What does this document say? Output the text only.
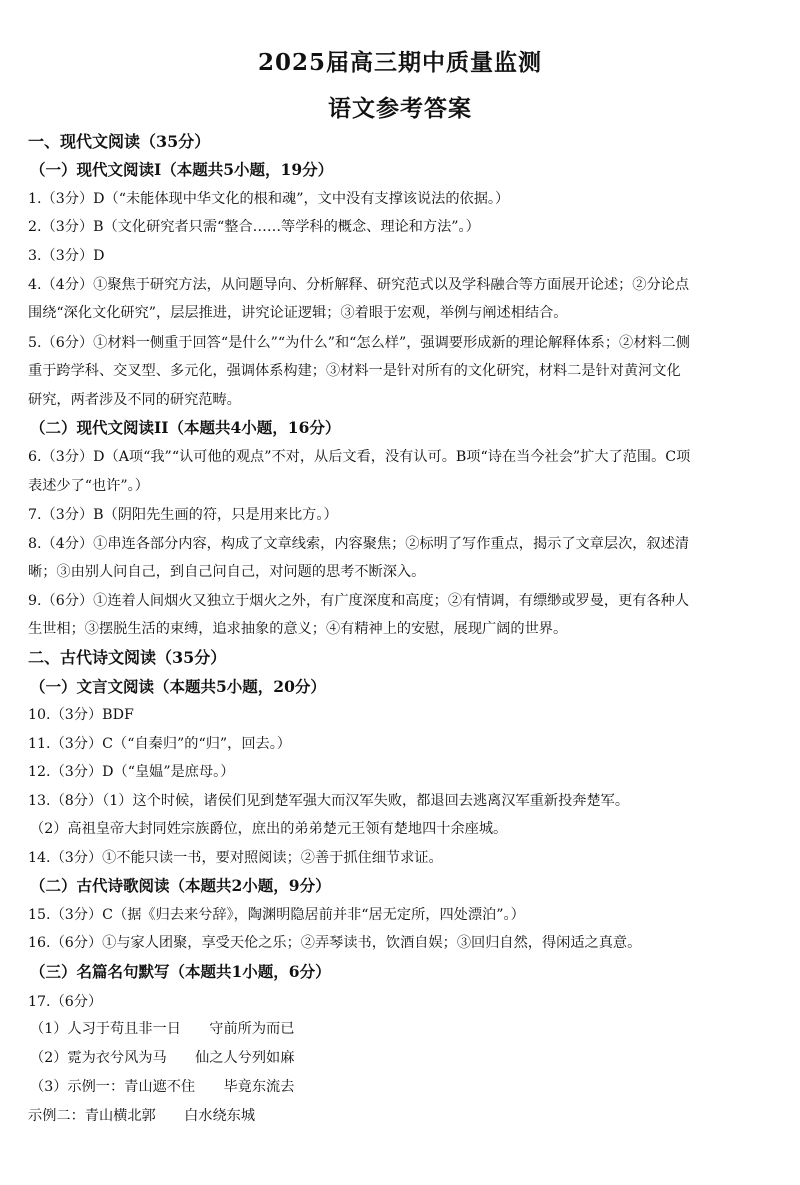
2025届高三期中质量监测
语文参考答案
一、现代文阅读（35分）
（一）现代文阅读I（本题共5小题，19分）
1.（3分）D（“未能体现中华文化的根和魂”，文中没有支撑该说法的依据。）
2.（3分）B（文化研究者只需“整合……等学科的概念、理论和方法”。）
3.（3分）D
4.（4分）①聚焦于研究方法，从问题导向、分析解释、研究范式以及学科融合等方面展开论述；②分论点
围绕“深化文化研究”，层层推进，讲究论证逻辑；③着眼于宏观，举例与阐述相结合。
5.（6分）①材料一侧重于回答“是什么”“为什么”和“怎么样”，强调要形成新的理论解释体系；②材料二侧
重于跨学科、交叉型、多元化，强调体系构建；③材料一是针对所有的文化研究，材料二是针对黄河文化
研究，两者涉及不同的研究范畴。
（二）现代文阅读II（本题共4小题，16分）
6.（3分）D（A项“我”“认可他的观点”不对，从后文看，没有认可。B项“诗在当今社会”扩大了范围。C项
表述少了“也许”。）
7.（3分）B（阴阳先生画的符，只是用来比方。）
8.（4分）①串连各部分内容，构成了文章线索，内容聚焦；②标明了写作重点，揭示了文章层次，叙述清
晰；③由别人问自己，到自己问自己，对问题的思考不断深入。
9.（6分）①连着人间烟火又独立于烟火之外，有广度深度和高度；②有情调，有缥缈或罗曼，更有各种人
生世相；③摆脱生活的束缚，追求抽象的意义；④有精神上的安慰，展现广阔的世界。
二、古代诗文阅读（35分）
（一）文言文阅读（本题共5小题，20分）
10.（3分）BDF
11.（3分）C（“自秦归”的“归”，回去。）
12.（3分）D（“皇媪”是庶母。）
13.（8分）（1）这个时候，诸侯们见到楚军强大而汉军失败，都退回去逃离汉军重新投奔楚军。
（2）高祖皇帝大封同姓宗族爵位，庶出的弟弟楚元王领有楚地四十余座城。
14.（3分）①不能只读一书，要对照阅读；②善于抓住细节求证。
（二）古代诗歌阅读（本题共2小题，9分）
15.（3分）C（据《归去来兮辞》，陶渊明隐居前并非“居无定所，四处漂泊”。）
16.（6分）①与家人团聚，享受天伦之乐；②弄琴读书，饮酒自娱；③回归自然，得闲适之真意。
（三）名篇名句默写（本题共1小题，6分）
17.（6分）
（1）人习于苟且非一日　　守前所为而已
（2）霓为衣兮风为马　　仙之人兮列如麻
（3）示例一：青山遮不住　　毕竟东流去
示例二：青山横北郭　　白水绕东城
